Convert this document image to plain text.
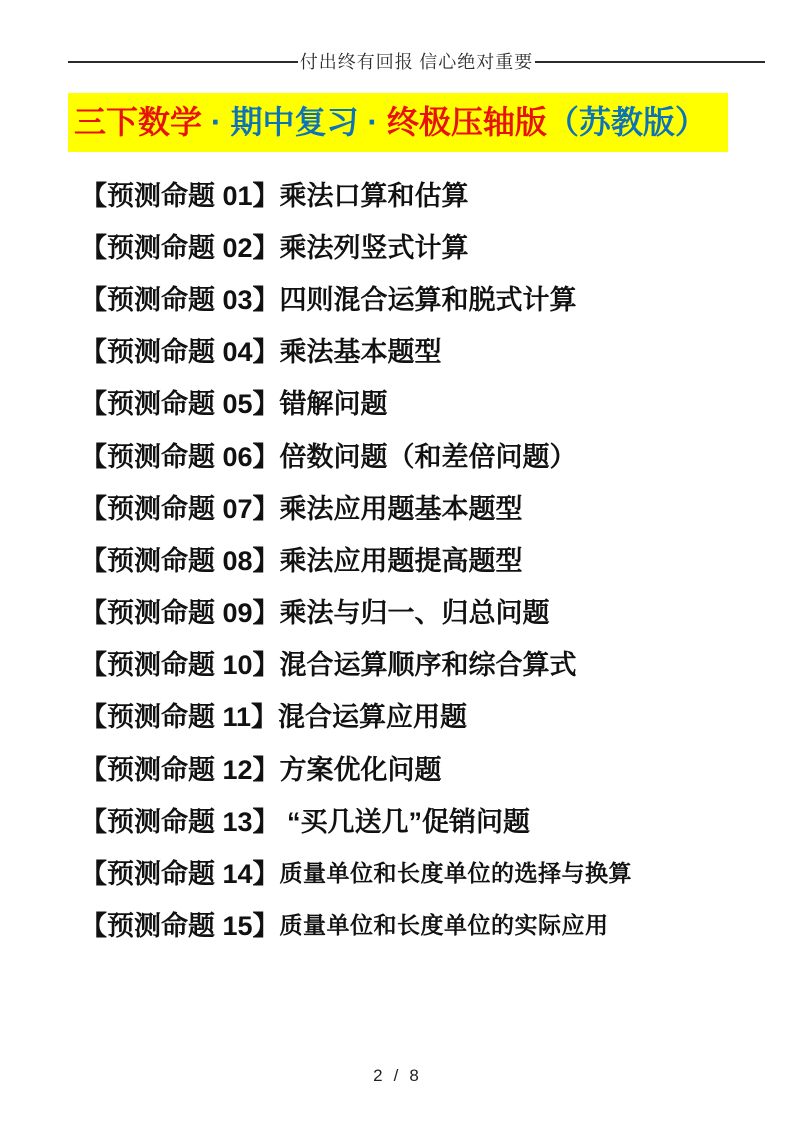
付出终有回报 信心绝对重要
三下数学 · 期中复习 · 终极压轴版（苏教版）
【预测命题 01】 乘法口算和估算
【预测命题 02】 乘法列竖式计算
【预测命题 03】 四则混合运算和脱式计算
【预测命题 04】 乘法基本题型
【预测命题 05】 错解问题
【预测命题 06】 倍数问题（和差倍问题）
【预测命题 07】 乘法应用题基本题型
【预测命题 08】 乘法应用题提高题型
【预测命题 09】 乘法与归一、归总问题
【预测命题 10】 混合运算顺序和综合算式
【预测命题 11】 混合运算应用题
【预测命题 12】 方案优化问题
【预测命题 13】 “买几送几”促销问题
【预测命题 14】 质量单位和长度单位的选择与换算
【预测命题 15】 质量单位和长度单位的实际应用
2 / 8
